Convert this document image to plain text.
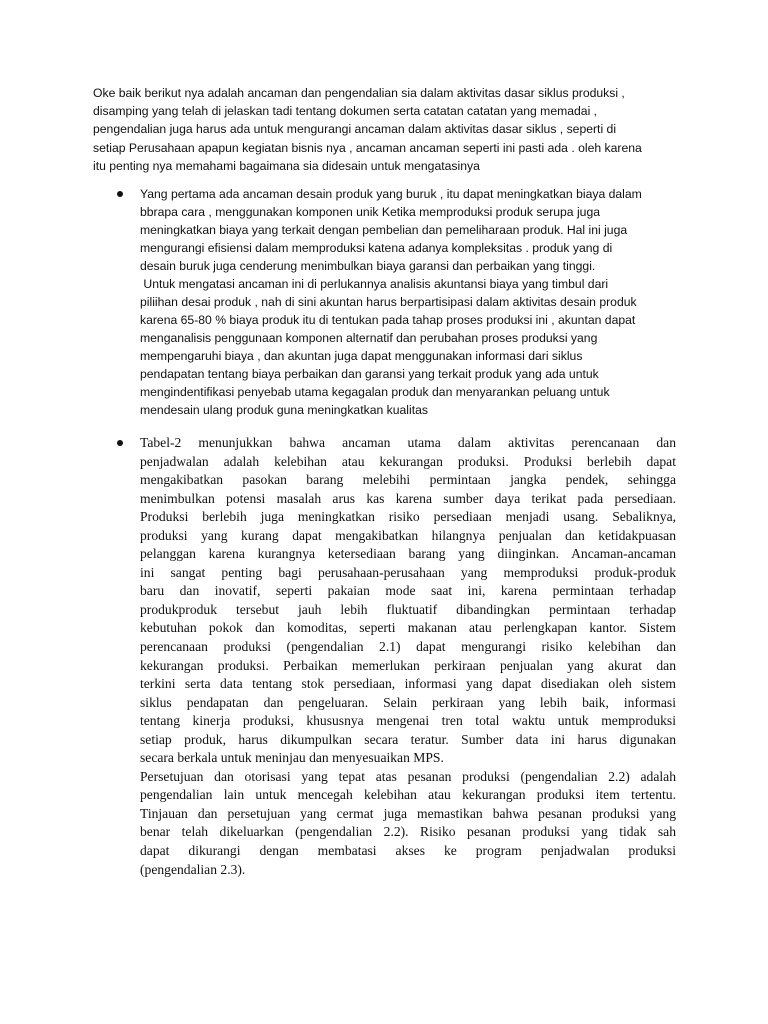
Oke baik berikut nya adalah ancaman dan pengendalian sia dalam aktivitas dasar siklus produksi ,
disamping yang telah di jelaskan tadi tentang dokumen serta catatan catatan yang memadai ,
pengendalian juga harus ada untuk mengurangi ancaman dalam aktivitas dasar siklus , seperti di
setiap Perusahaan apapun kegiatan bisnis nya , ancaman ancaman seperti ini pasti ada . oleh karena
itu penting nya memahami bagaimana sia didesain untuk mengatasinya
Yang pertama ada ancaman desain produk yang buruk , itu dapat meningkatkan biaya dalam
bbrapa cara , menggunakan komponen unik Ketika memproduksi produk serupa juga
meningkatkan biaya yang terkait dengan pembelian dan pemeliharaan produk. Hal ini juga
mengurangi efisiensi dalam memproduksi katena adanya kompleksitas . produk yang di
desain buruk juga cenderung menimbulkan biaya garansi dan perbaikan yang tinggi.
Untuk mengatasi ancaman ini di perlukannya analisis akuntansi biaya yang timbul dari
piliihan desai produk , nah di sini akuntan harus berpartisipasi dalam aktivitas desain produk
karena 65-80 % biaya produk itu di tentukan pada tahap proses produksi ini , akuntan dapat
menganalisis penggunaan komponen alternatif dan perubahan proses produksi yang
mempengaruhi biaya , dan akuntan juga dapat menggunakan informasi dari siklus
pendapatan tentang biaya perbaikan dan garansi yang terkait produk yang ada untuk
mengindentifikasi penyebab utama kegagalan produk dan menyarankan peluang untuk
mendesain ulang produk guna meningkatkan kualitas
Tabel-2 menunjukkan bahwa ancaman utama dalam aktivitas perencanaan dan
penjadwalan adalah kelebihan atau kekurangan produksi. Produksi berlebih dapat
mengakibatkan pasokan barang melebihi permintaan jangka pendek, sehingga
menimbulkan potensi masalah arus kas karena sumber daya terikat pada persediaan.
Produksi berlebih juga meningkatkan risiko persediaan menjadi usang. Sebaliknya,
produksi yang kurang dapat mengakibatkan hilangnya penjualan dan ketidakpuasan
pelanggan karena kurangnya ketersediaan barang yang diinginkan. Ancaman-ancaman
ini sangat penting bagi perusahaan-perusahaan yang memproduksi produk-produk
baru dan inovatif, seperti pakaian mode saat ini, karena permintaan terhadap
produkproduk tersebut jauh lebih fluktuatif dibandingkan permintaan terhadap
kebutuhan pokok dan komoditas, seperti makanan atau perlengkapan kantor. Sistem
perencanaan produksi (pengendalian 2.1) dapat mengurangi risiko kelebihan dan
kekurangan produksi. Perbaikan memerlukan perkiraan penjualan yang akurat dan
terkini serta data tentang stok persediaan, informasi yang dapat disediakan oleh sistem
siklus pendapatan dan pengeluaran. Selain perkiraan yang lebih baik, informasi
tentang kinerja produksi, khususnya mengenai tren total waktu untuk memproduksi
setiap produk, harus dikumpulkan secara teratur. Sumber data ini harus digunakan
secara berkala untuk meninjau dan menyesuaikan MPS.
Persetujuan dan otorisasi yang tepat atas pesanan produksi (pengendalian 2.2) adalah
pengendalian lain untuk mencegah kelebihan atau kekurangan produksi item tertentu.
Tinjauan dan persetujuan yang cermat juga memastikan bahwa pesanan produksi yang
benar telah dikeluarkan (pengendalian 2.2). Risiko pesanan produksi yang tidak sah
dapat dikurangi dengan membatasi akses ke program penjadwalan produksi
(pengendalian 2.3).
